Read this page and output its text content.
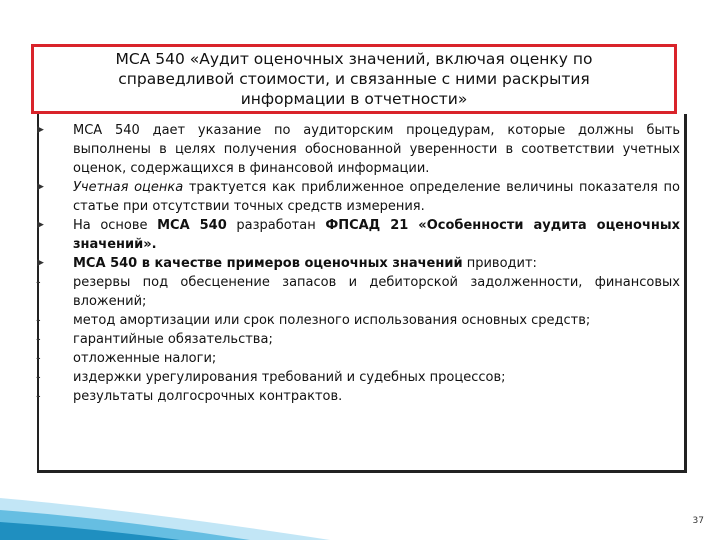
МСА 540 «Аудит оценочных значений, включая оценку по
справедливой стоимости, и связанные с ними раскрытия
информации в отчетности»
▶	МСА 540 дает указание по аудиторским процедурам, которые должны быть выполнены в целях получения обоснованной уверенности в соответствии учетных оценок, содержащихся в финансовой информации.
▶	Учетная оценка трактуется как приближенное определение величины показателя по статье при отсутствии точных средств измерения.
▶	На основе МСА 540 разработан ФПСАД 21 «Особенности аудита оценочных значений».
▶	МСА 540 в качестве примеров оценочных значений приводит:
-	резервы под обесценение запасов и дебиторской задолженности, финансовых вложений;
-	метод амортизации или срок полезного использования основных средств;
-	гарантийные обязательства;
-	отложенные налоги;
-	издержки урегулирования требований и судебных процессов;
-	результаты долгосрочных контрактов.
37
